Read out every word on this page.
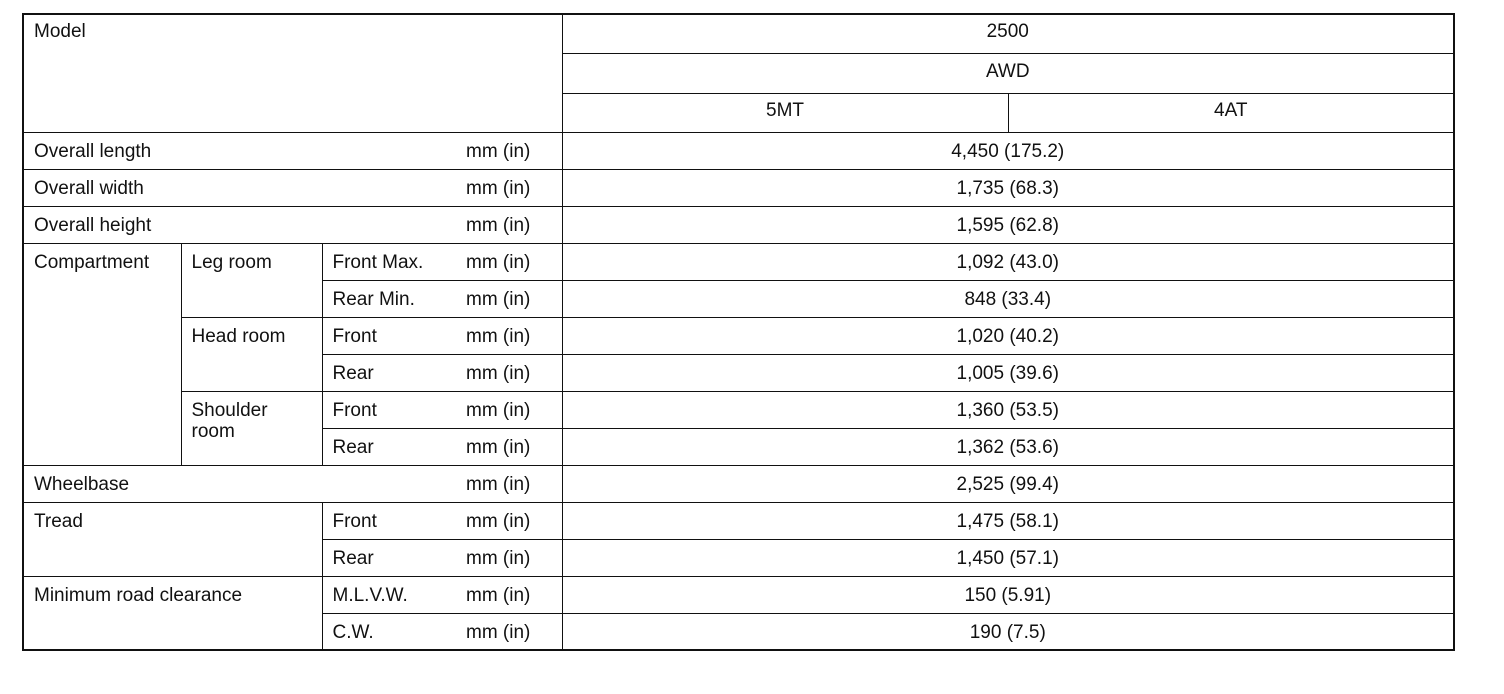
Model				2500	
				AWD	
				5MT	4AT
Overall length			mm (in)	4,450 (175.2)	
Overall width			mm (in)	1,735 (68.3)	
Overall height			mm (in)	1,595 (62.8)	
Compartment	Leg room	Front Max.	mm (in)	1,092 (43.0)	
		Rear Min.	mm (in)	848 (33.4)	
	Head room	Front	mm (in)	1,020 (40.2)	
		Rear	mm (in)	1,005 (39.6)	
	Shoulder room	Front	mm (in)	1,360 (53.5)	
		Rear	mm (in)	1,362 (53.6)	
Wheelbase			mm (in)	2,525 (99.4)	
Tread		Front	mm (in)	1,475 (58.1)	
		Rear	mm (in)	1,450 (57.1)	
Minimum road clearance		M.L.V.W.	mm (in)	150 (5.91)	
		C.W.	mm (in)	190 (7.5)	
